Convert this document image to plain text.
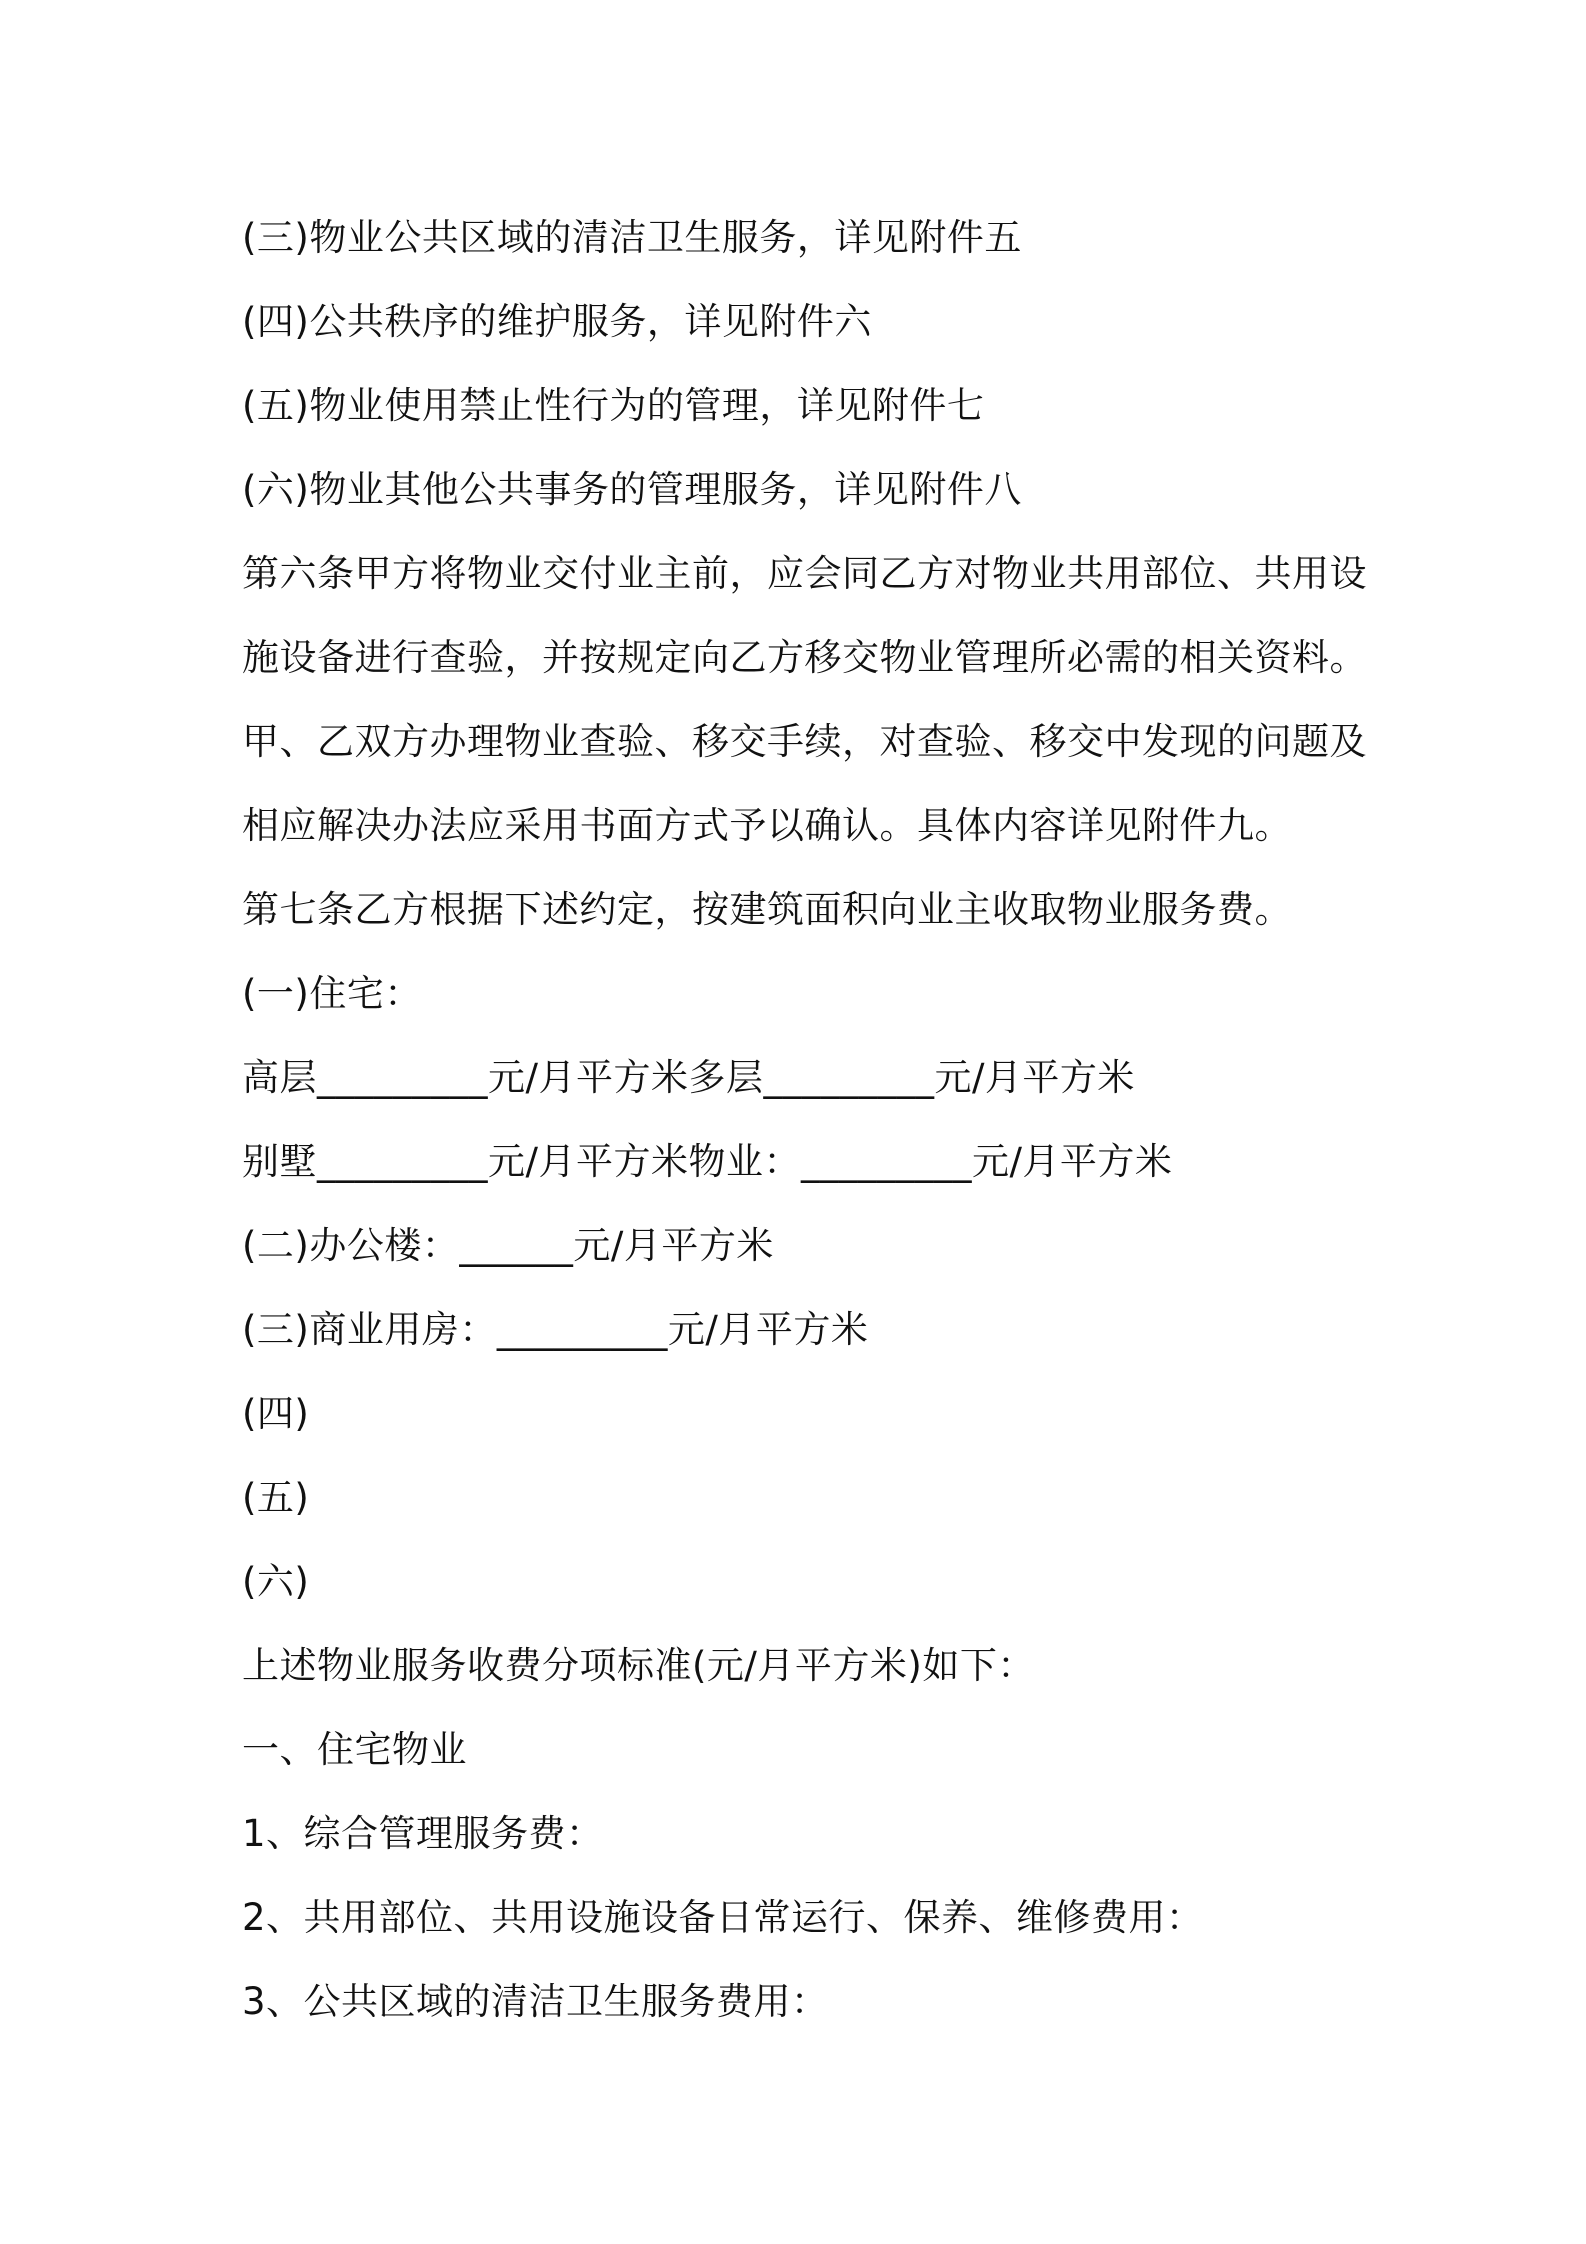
(三)物业公共区域的清洁卫生服务，详见附件五
(四)公共秩序的维护服务，详见附件六
(五)物业使用禁止性行为的管理，详见附件七
(六)物业其他公共事务的管理服务，详见附件八
第六条甲方将物业交付业主前，应会同乙方对物业共用部位、共用设
施设备进行查验，并按规定向乙方移交物业管理所必需的相关资料。
甲、乙双方办理物业查验、移交手续，对查验、移交中发现的问题及
相应解决办法应采用书面方式予以确认。具体内容详见附件九。
第七条乙方根据下述约定，按建筑面积向业主收取物业服务费。
(一)住宅：
高层_________元/月平方米多层_________元/月平方米
别墅_________元/月平方米物业：_________元/月平方米
(二)办公楼：______元/月平方米
(三)商业用房：_________元/月平方米
(四)
(五)
(六)
上述物业服务收费分项标准(元/月平方米)如下：
一、住宅物业
1、综合管理服务费：
2、共用部位、共用设施设备日常运行、保养、维修费用：
3、公共区域的清洁卫生服务费用：
